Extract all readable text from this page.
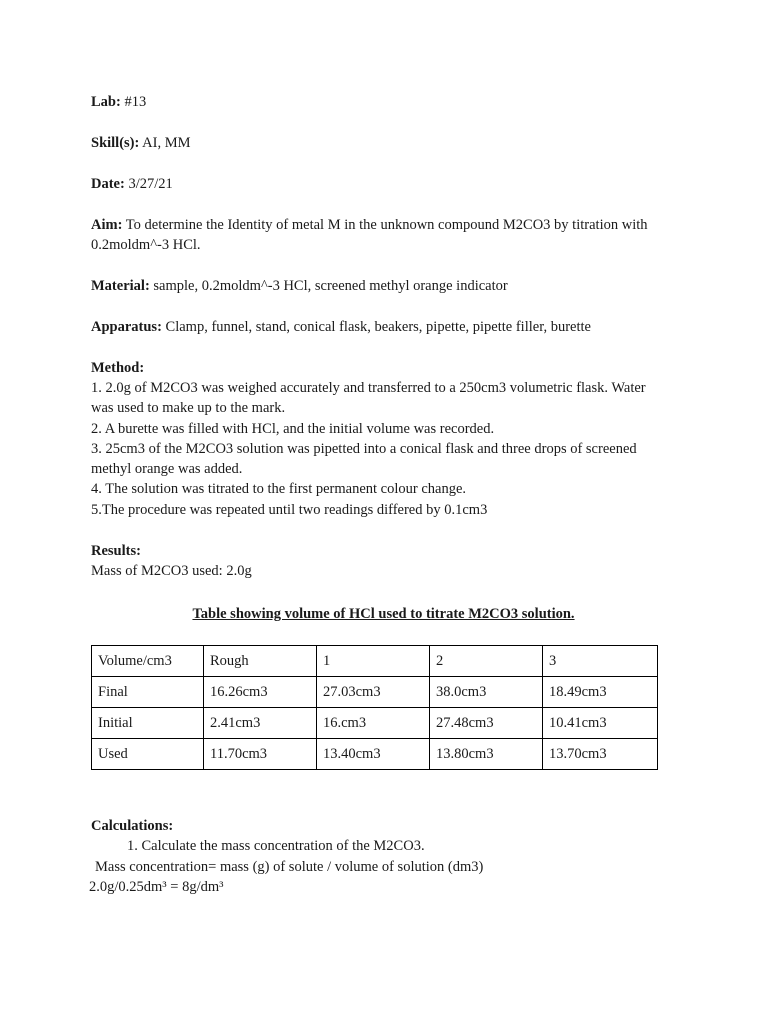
Lab: #13

Skill(s): AI, MM

Date: 3/27/21

Aim: To determine the Identity of metal M in the unknown compound M2CO3 by titration with

0.2moldm^-3 HCl.

Material: sample, 0.2moldm^-3 HCl, screened methyl orange indicator

Apparatus: Clamp, funnel, stand, conical flask, beakers, pipette, pipette filler, burette

Method:

1. 2.0g of M2CO3 was weighed accurately and transferred to a 250cm3 volumetric flask. Water

was used to make up to the mark.

2. A burette was filled with HCl, and the initial volume was recorded.

3. 25cm3 of the M2CO3 solution was pipetted into a conical flask and three drops of screened

methyl orange was added.

4. The solution was titrated to the first permanent colour change.

5.The procedure was repeated until two readings differed by 0.1cm3

Results:

Mass of M2CO3 used: 2.0g

Table showing volume of HCl used to titrate M2CO3 solution.

Volume/cm3	Rough	1	2	3
Final	16.26cm3	27.03cm3	38.0cm3	18.49cm3
Initial	2.41cm3	16.cm3	27.48cm3	10.41cm3
Used	11.70cm3	13.40cm3	13.80cm3	13.70cm3

Calculations:

1. Calculate the mass concentration of the M2CO3.

Mass concentration= mass (g) of solute / volume of solution (dm3)

2.0g/0.25dm³ = 8g/dm³
